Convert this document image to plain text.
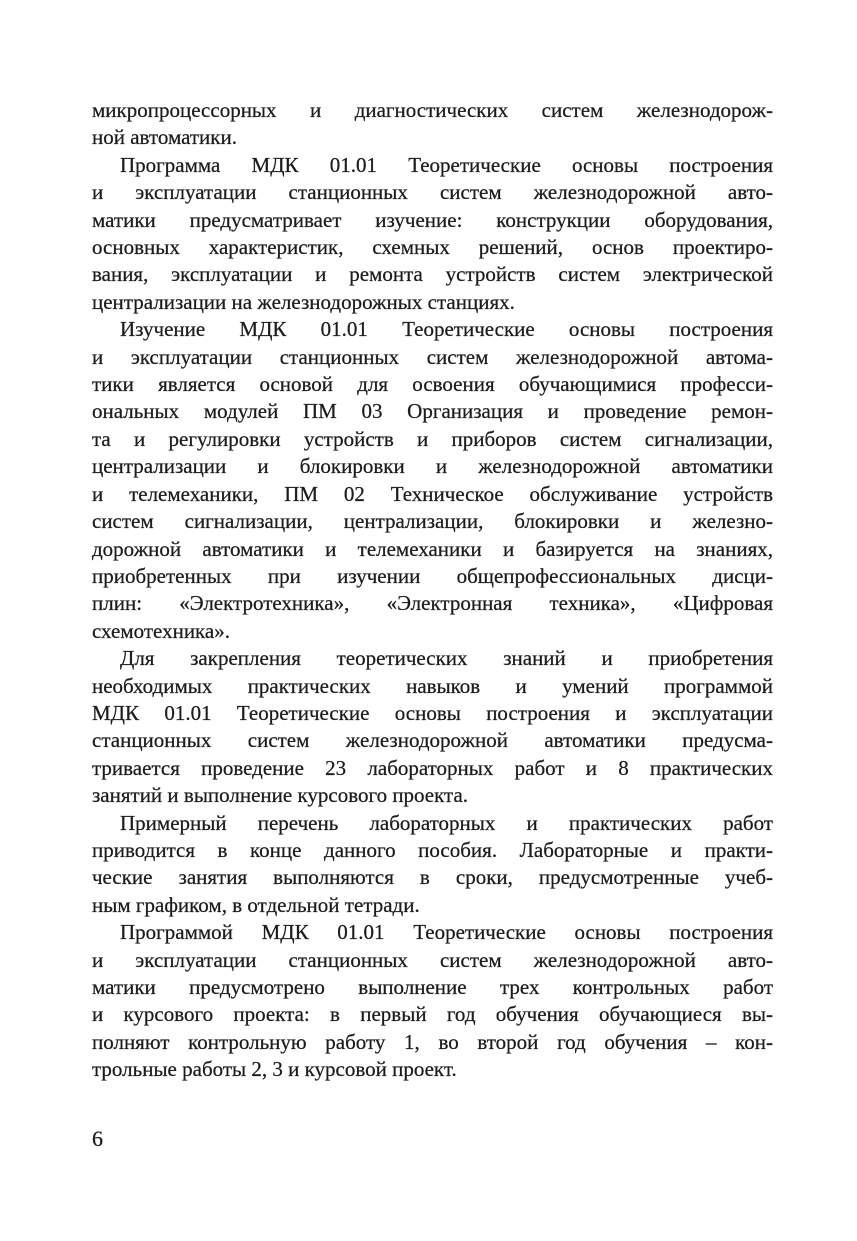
микропроцессорных и диагностических систем железнодорож-
ной автоматики.

Программа МДК 01.01 Теоретические основы построения
и эксплуатации станционных систем железнодорожной авто-
матики предусматривает изучение: конструкции оборудования,
основных характеристик, схемных решений, основ проектиро-
вания, эксплуатации и ремонта устройств систем электрической
централизации на железнодорожных станциях.

Изучение МДК 01.01 Теоретические основы построения
и эксплуатации станционных систем железнодорожной автома-
тики является основой для освоения обучающимися професси-
ональных модулей ПМ 03 Организация и проведение ремон-
та и регулировки устройств и приборов систем сигнализации,
централизации и блокировки и железнодорожной автоматики
и телемеханики, ПМ 02 Техническое обслуживание устройств
систем сигнализации, централизации, блокировки и железно-
дорожной автоматики и телемеханики и базируется на знаниях,
приобретенных при изучении общепрофессиональных дисци-
плин: «Электротехника», «Электронная техника», «Цифровая
схемотехника».

Для закрепления теоретических знаний и приобретения
необходимых практических навыков и умений программой
МДК 01.01 Теоретические основы построения и эксплуатации
станционных систем железнодорожной автоматики предусма-
тривается проведение 23 лабораторных работ и 8 практических
занятий и выполнение курсового проекта.

Примерный перечень лабораторных и практических работ
приводится в конце данного пособия. Лабораторные и практи-
ческие занятия выполняются в сроки, предусмотренные учеб-
ным графиком, в отдельной тетради.

Программой МДК 01.01 Теоретические основы построения
и эксплуатации станционных систем железнодорожной авто-
матики предусмотрено выполнение трех контрольных работ
и курсового проекта: в первый год обучения обучающиеся вы-
полняют контрольную работу 1, во второй год обучения – кон-
трольные работы 2, 3 и курсовой проект.

6
